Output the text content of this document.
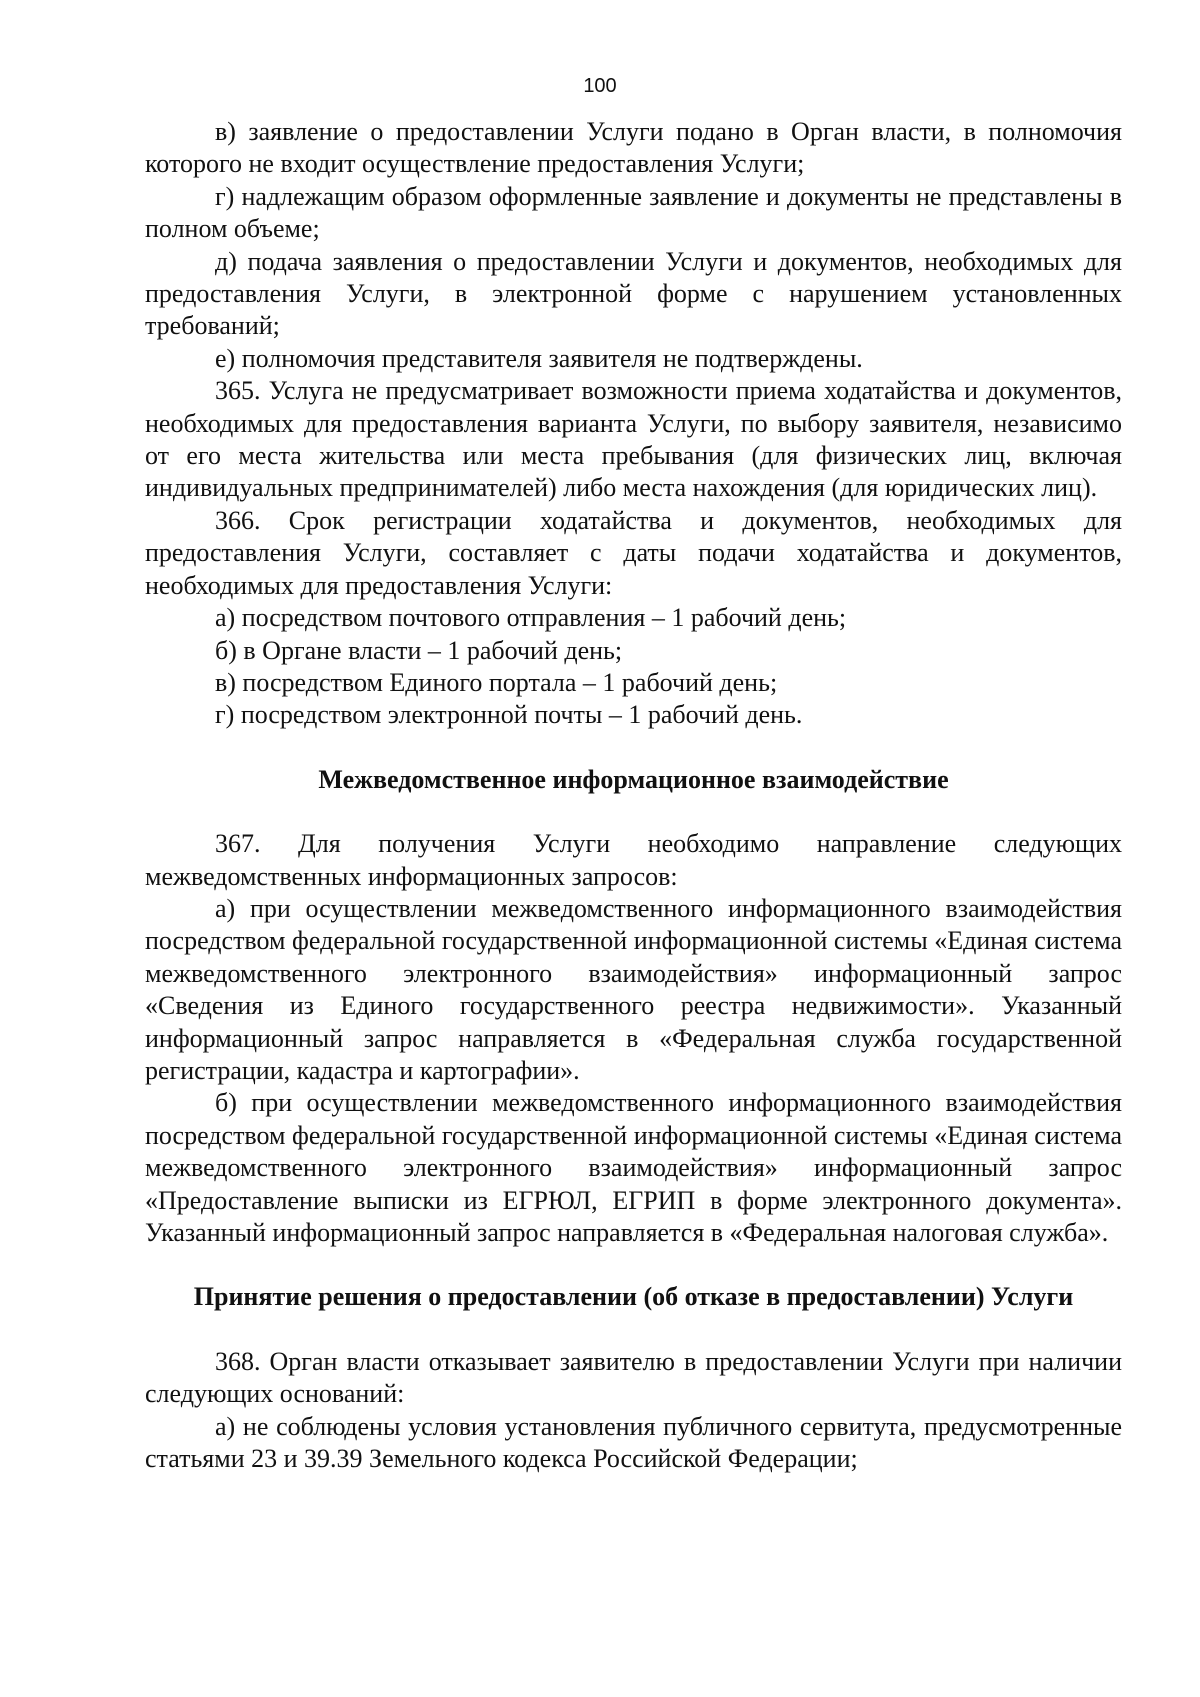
100

в) заявление о предоставлении Услуги подано в Орган власти, в полномочия которого не входит осуществление предоставления Услуги;

г) надлежащим образом оформленные заявление и документы не представлены в полном объеме;

д) подача заявления о предоставлении Услуги и документов, необходимых для предоставления Услуги, в электронной форме с нарушением установленных требований;

е) полномочия представителя заявителя не подтверждены.

365. Услуга не предусматривает возможности приема ходатайства и документов, необходимых для предоставления варианта Услуги, по выбору заявителя, независимо от его места жительства или места пребывания (для физических лиц, включая индивидуальных предпринимателей) либо места нахождения (для юридических лиц).

366. Срок регистрации ходатайства и документов, необходимых для предоставления Услуги, составляет с даты подачи ходатайства и документов, необходимых для предоставления Услуги:

а) посредством почтового отправления – 1 рабочий день;

б) в Органе власти – 1 рабочий день;

в) посредством Единого портала – 1 рабочий день;

г) посредством электронной почты – 1 рабочий день.

Межведомственное информационное взаимодействие

367. Для получения Услуги необходимо направление следующих межведомственных информационных запросов:

а) при осуществлении межведомственного информационного взаимодействия посредством федеральной государственной информационной системы «Единая система межведомственного электронного взаимодействия» информационный запрос «Сведения из Единого государственного реестра недвижимости». Указанный информационный запрос направляется в «Федеральная служба государственной регистрации, кадастра и картографии».

б) при осуществлении межведомственного информационного взаимодействия посредством федеральной государственной информационной системы «Единая система межведомственного электронного взаимодействия» информационный запрос «Предоставление выписки из ЕГРЮЛ, ЕГРИП в форме электронного документа». Указанный информационный запрос направляется в «Федеральная налоговая служба».

Принятие решения о предоставлении (об отказе в предоставлении) Услуги

368. Орган власти отказывает заявителю в предоставлении Услуги при наличии следующих оснований:

а) не соблюдены условия установления публичного сервитута, предусмотренные статьями 23 и 39.39 Земельного кодекса Российской Федерации;
